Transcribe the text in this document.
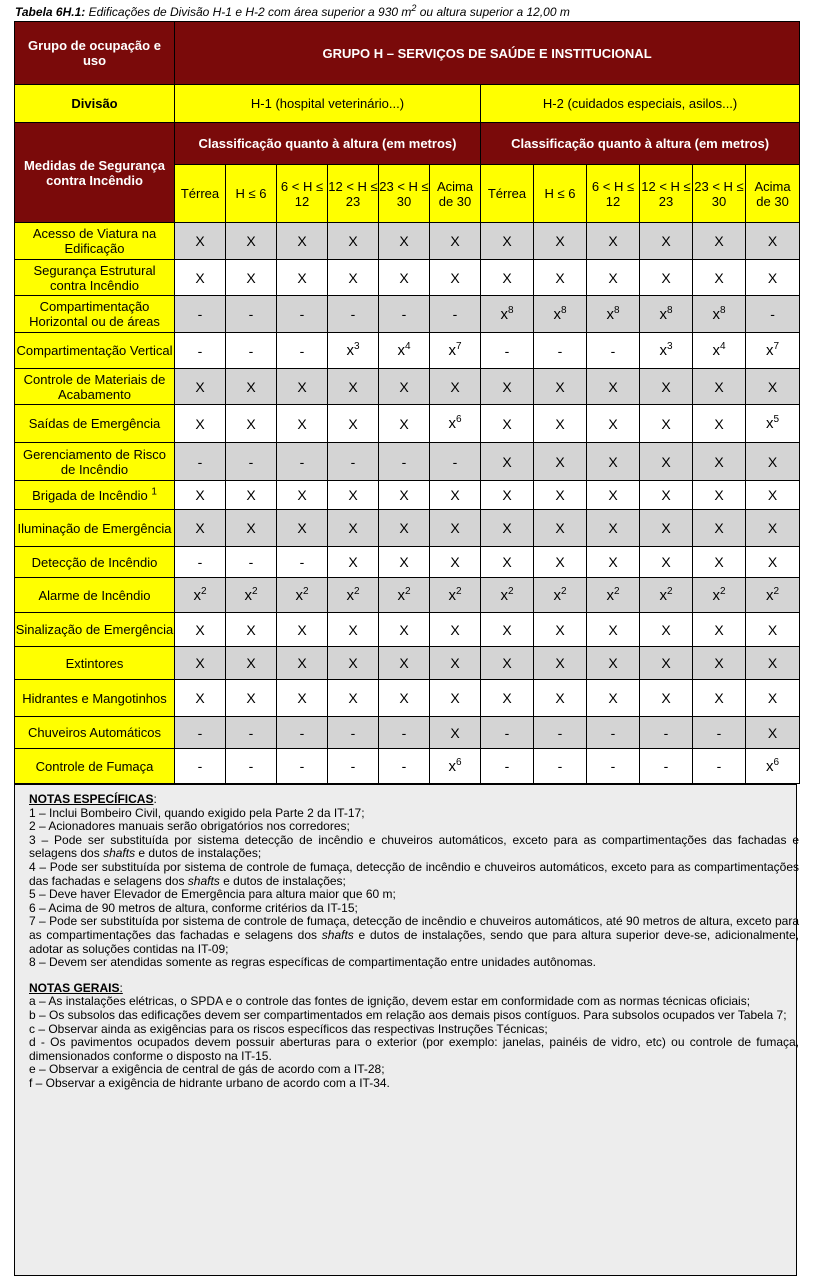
Tabela 6H.1: Edificações de Divisão H-1 e H-2 com área superior a 930 $m^2$ ou altura superior a 12,00 m
Grupo de ocupação e uso	GRUPO H – SERVIÇOS DE SAÚDE E INSTITUCIONAL											
Divisão	H-1 (hospital veterinário...)						H-2 (cuidados especiais, asilos...)					
Medidas de Segurança contra Incêndio	Classificação quanto à altura (em metros)						Classificação quanto à altura (em metros)					
	Térrea	H ≤ 6	6 < H ≤ 12	12 < H ≤ 23	23 < H ≤ 30	Acima de 30	Térrea	H ≤ 6	6 < H ≤ 12	12 < H ≤ 23	23 < H ≤ 30	Acima de 30
Acesso de Viatura na Edificação	X	X	X	X	X	X	X	X	X	X	X	X
Segurança Estrutural contra Incêndio	X	X	X	X	X	X	X	X	X	X	X	X
Compartimentação Horizontal ou de áreas	-	-	-	-	-	-	$x^8$	$x^8$	$x^8$	$x^8$	$x^8$	-
Compartimentação Vertical	-	-	-	$x^3$	$x^4$	$x^7$	-	-	-	$x^3$	$x^4$	$x^7$
Controle de Materiais de Acabamento	X	X	X	X	X	X	X	X	X	X	X	X
Saídas de Emergência	X	X	X	X	X	$x^6$	X	X	X	X	X	$x^5$
Gerenciamento de Risco de Incêndio	-	-	-	-	-	-	X	X	X	X	X	X
Brigada de Incêndio $^1$	X	X	X	X	X	X	X	X	X	X	X	X
Iluminação de Emergência	X	X	X	X	X	X	X	X	X	X	X	X
Detecção de Incêndio	-	-	-	X	X	X	X	X	X	X	X	X
Alarme de Incêndio	$x^2$	$x^2$	$x^2$	$x^2$	$x^2$	$x^2$	$x^2$	$x^2$	$x^2$	$x^2$	$x^2$	$x^2$
Sinalização de Emergência	X	X	X	X	X	X	X	X	X	X	X	X
Extintores	X	X	X	X	X	X	X	X	X	X	X	X
Hidrantes e Mangotinhos	X	X	X	X	X	X	X	X	X	X	X	X
Chuveiros Automáticos	-	-	-	-	-	X	-	-	-	-	-	X
Controle de Fumaça	-	-	-	-	-	$x^6$	-	-	-	-	-	$x^6$
NOTAS ESPECÍFICAS:

1 – Inclui Bombeiro Civil, quando exigido pela Parte 2 da IT-17;

2 – Acionadores manuais serão obrigatórios nos corredores;

3 – Pode ser substituída por sistema detecção de incêndio e chuveiros automáticos, exceto para as compartimentações das fachadas e selagens dos shafts e dutos de instalações;

4 – Pode ser substituída por sistema de controle de fumaça, detecção de incêndio e chuveiros automáticos, exceto para as compartimentações das fachadas e selagens dos shafts e dutos de instalações;

5 – Deve haver Elevador de Emergência para altura maior que 60 m;

6 – Acima de 90 metros de altura, conforme critérios da IT-15;

7 – Pode ser substituída por sistema de controle de fumaça, detecção de incêndio e chuveiros automáticos, até 90 metros de altura, exceto para as compartimentações das fachadas e selagens dos shafts e dutos de instalações, sendo que para altura superior deve-se, adicionalmente, adotar as soluções contidas na IT-09;

8 – Devem ser atendidas somente as regras específicas de compartimentação entre unidades autônomas.

NOTAS GERAIS:

a – As instalações elétricas, o SPDA e o controle das fontes de ignição, devem estar em conformidade com as normas técnicas oficiais;

b – Os subsolos das edificações devem ser compartimentados em relação aos demais pisos contíguos. Para subsolos ocupados ver Tabela 7;

c – Observar ainda as exigências para os riscos específicos das respectivas Instruções Técnicas;

d - Os pavimentos ocupados devem possuir aberturas para o exterior (por exemplo: janelas, painéis de vidro, etc) ou controle de fumaça, dimensionados conforme o disposto na IT-15.

e – Observar a exigência de central de gás de acordo com a IT-28;

f – Observar a exigência de hidrante urbano de acordo com a IT-34.
